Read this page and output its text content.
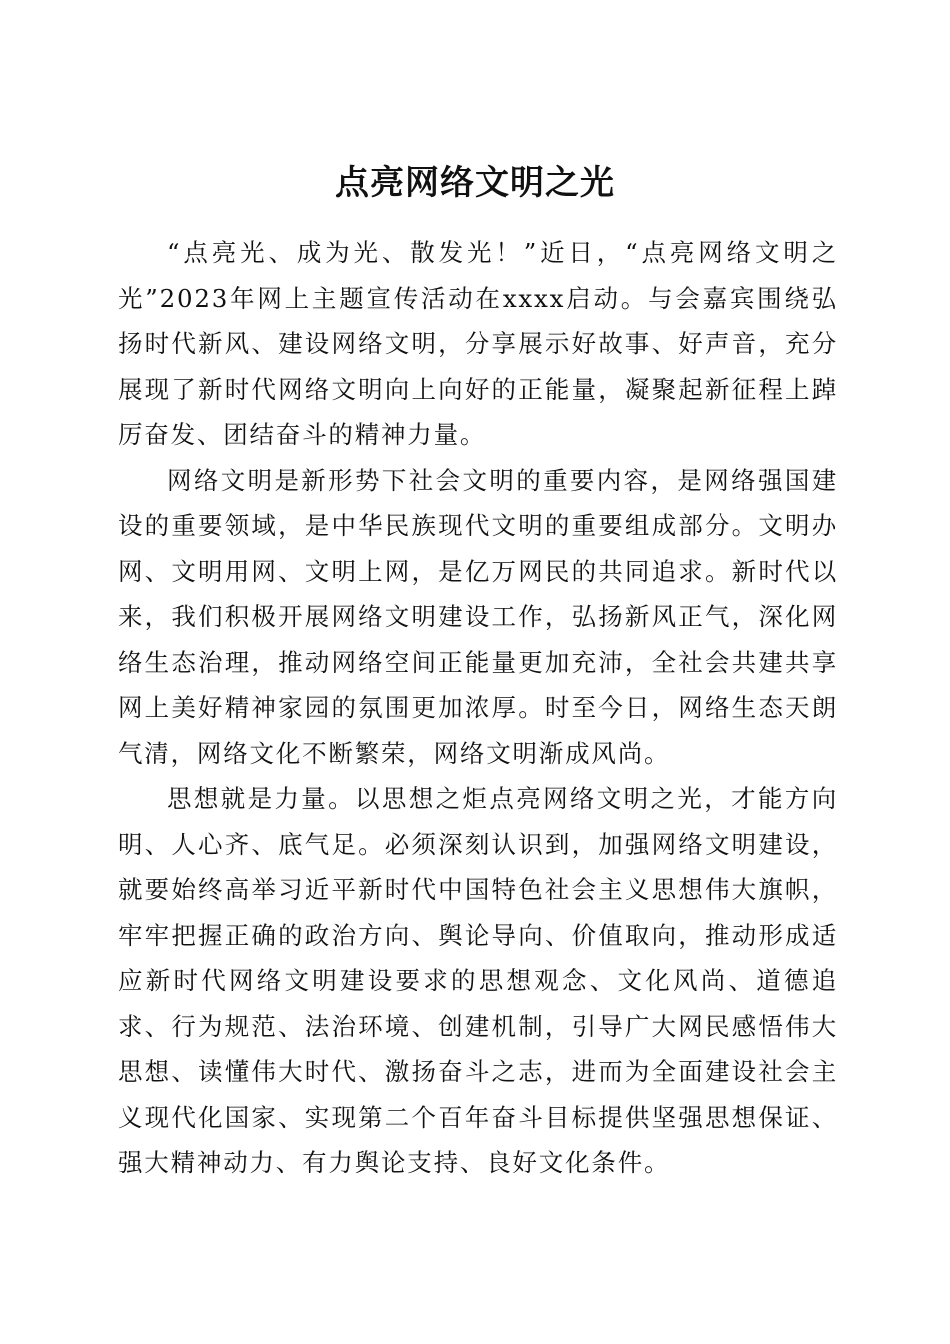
点亮网络文明之光

“点亮光、成为光、散发光！”近日，“点亮网络文明之光”2023年网上主题宣传活动在xxxx启动。与会嘉宾围绕弘扬时代新风、建设网络文明，分享展示好故事、好声音，充分展现了新时代网络文明向上向好的正能量，凝聚起新征程上踔厉奋发、团结奋斗的精神力量。

网络文明是新形势下社会文明的重要内容，是网络强国建设的重要领域，是中华民族现代文明的重要组成部分。文明办网、文明用网、文明上网，是亿万网民的共同追求。新时代以来，我们积极开展网络文明建设工作，弘扬新风正气，深化网络生态治理，推动网络空间正能量更加充沛，全社会共建共享网上美好精神家园的氛围更加浓厚。时至今日，网络生态天朗气清，网络文化不断繁荣，网络文明渐成风尚。

思想就是力量。以思想之炬点亮网络文明之光，才能方向明、人心齐、底气足。必须深刻认识到，加强网络文明建设，就要始终高举习近平新时代中国特色社会主义思想伟大旗帜，牢牢把握正确的政治方向、舆论导向、价值取向，推动形成适应新时代网络文明建设要求的思想观念、文化风尚、道德追求、行为规范、法治环境、创建机制，引导广大网民感悟伟大思想、读懂伟大时代、激扬奋斗之志，进而为全面建设社会主义现代化国家、实现第二个百年奋斗目标提供坚强思想保证、强大精神动力、有力舆论支持、良好文化条件。
